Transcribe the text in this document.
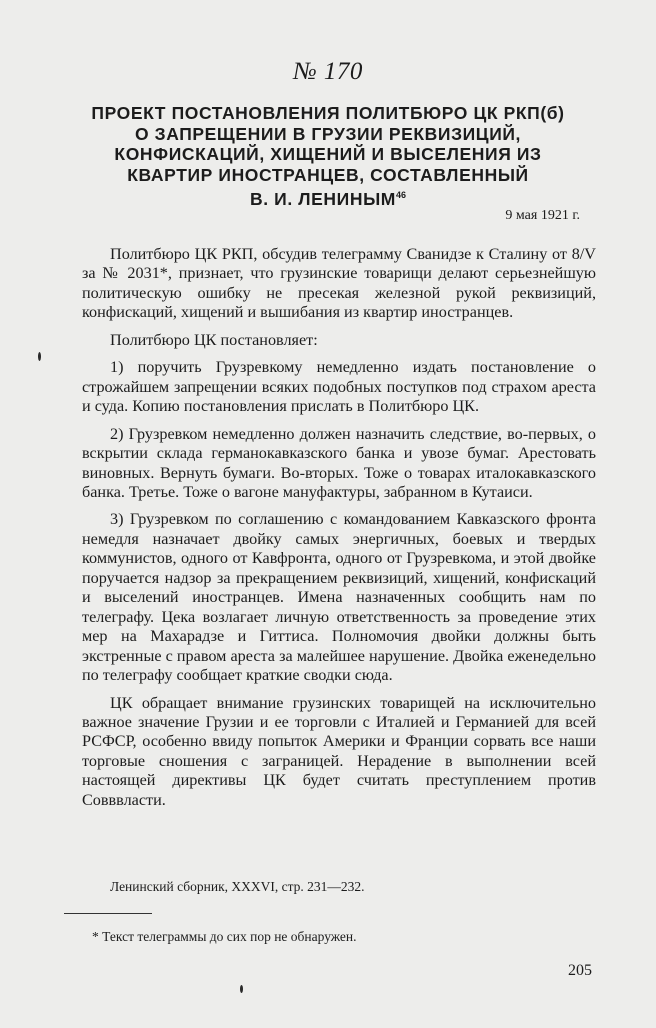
№ 170
ПРОЕКТ ПОСТАНОВЛЕНИЯ ПОЛИТБЮРО ЦК РКП(б)
О ЗАПРЕЩЕНИИ В ГРУЗИИ РЕКВИЗИЦИЙ,
КОНФИСКАЦИЙ, ХИЩЕНИЙ И ВЫСЕЛЕНИЯ ИЗ
КВАРТИР ИНОСТРАНЦЕВ, СОСТАВЛЕННЫЙ
В. И. ЛЕНИНЫМ$^{46}$
9 мая 1921 г.

Политбюро ЦК РКП, обсудив телеграмму Сванидзе к Сталину от 8/V за № 2031*, признает, что грузинские товарищи делают серьезнейшую политическую ошибку не пресекая железной рукой реквизиций, конфискаций, хищений и вышибания из квартир иностранцев.

Политбюро ЦК постановляет:

1) поручить Грузревкому немедленно издать постановление о строжайшем запрещении всяких подобных поступков под страхом ареста и суда. Копию постановления прислать в Политбюро ЦК.

2) Грузревком немедленно должен назначить следствие, во-первых, о вскрытии склада германокавказского банка и увозе бумаг. Арестовать виновных. Вернуть бумаги. Во-вторых. Тоже о товарах италокавказского банка. Третье. Тоже о вагоне мануфактуры, забранном в Кутаиси.

3) Грузревком по соглашению с командованием Кавказского фронта немедля назначает двойку самых энергичных, боевых и твердых коммунистов, одного от Кавфронта, одного от Грузревкома, и этой двойке поручается надзор за прекращением реквизиций, хищений, конфискаций и выселений иностранцев. Имена назначенных сообщить нам по телеграфу. Цека возлагает личную ответственность за проведение этих мер на Махарадзе и Гиттиса. Полномочия двойки должны быть экстренные с правом ареста за малейшее нарушение. Двойка еженедельно по телеграфу сообщает краткие сводки сюда.

ЦК обращает внимание грузинских товарищей на исключительно важное значение Грузии и ее торговли с Италией и Германией для всей РСФСР, особенно ввиду попыток Америки и Франции сорвать все наши торговые сношения с заграницей. Нерадение в выполнении всей настоящей директивы ЦК будет считать преступлением против Совввласти.

Ленинский сборник, XXXVI, стр. 231—232.
* Текст телеграммы до сих пор не обнаружен.
205
